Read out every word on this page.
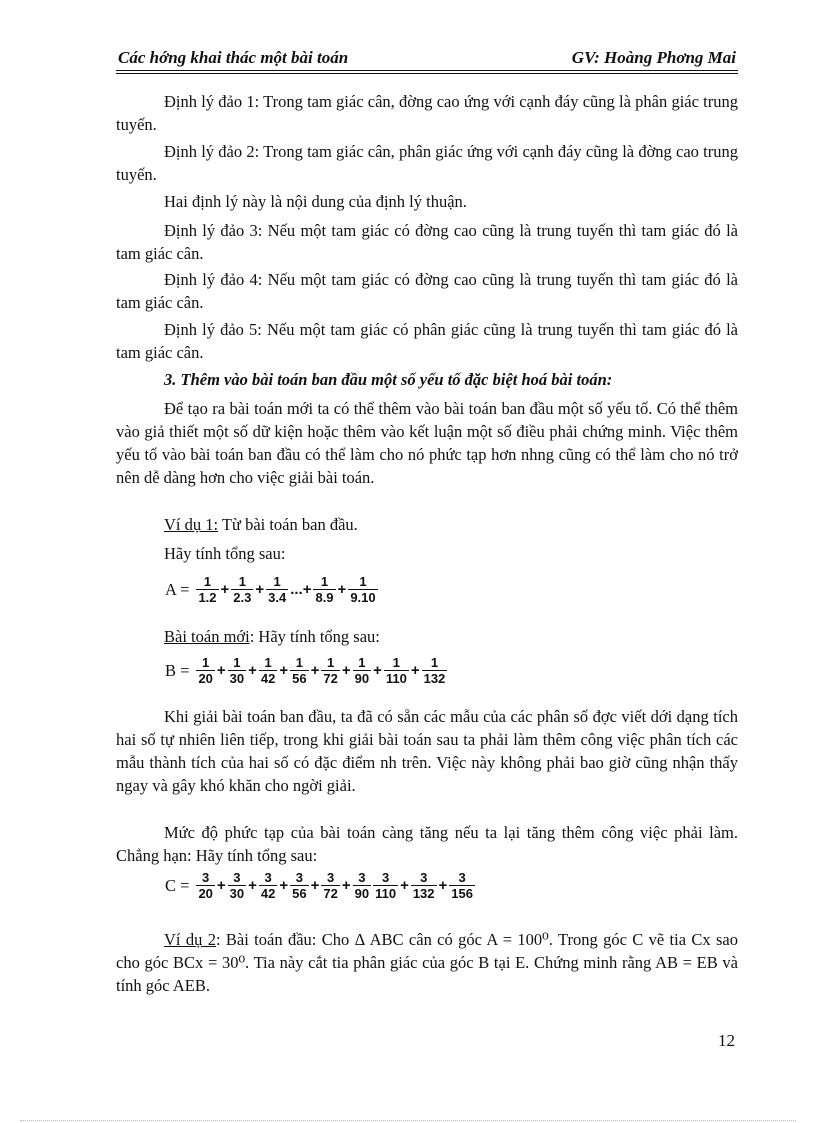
Các hớng khai thác một bài toán	GV: Hoàng Phơng Mai
Định lý đảo 1: Trong tam giác cân, đờng cao ứng với cạnh đáy cũng là phân giác trung tuyến.
Định lý đảo 2: Trong tam giác cân, phân giác ứng với cạnh đáy cũng là đờng cao trung tuyến.
Hai định lý này là nội dung của định lý thuận.
Định lý đảo 3: Nếu một tam giác có đờng cao cũng là trung tuyến thì tam giác đó là tam giác cân.
Định lý đảo 4: Nếu một tam giác có đờng cao cũng là trung tuyến thì tam giác đó là tam giác cân.
Định lý đảo 5: Nếu một tam giác có phân giác cũng là trung tuyến thì tam giác đó là tam giác cân.
3. Thêm vào bài toán ban đầu một số yếu tố đặc biệt hoá bài toán:
Để tạo ra bài toán mới ta có thể thêm vào bài toán ban đầu một số yếu tố. Có thể thêm vào giả thiết một số dữ kiện hoặc thêm vào kết luận một số điều phải chứng minh. Việc thêm yếu tố vào bài toán ban đầu có thể làm cho nó phức tạp hơn nhng cũng có thể làm cho nó trở nên dễ dàng hơn cho việc giải bài toán.
Ví dụ 1: Từ bài toán ban đầu.
Hãy tính tổng sau:
$A = \frac{1}{1.2} + \frac{1}{2.3} + \frac{1}{3.4}$ ...+ $\frac{1}{8.9} + \frac{1}{9.10}$
Bài toán mới: Hãy tính tổng sau:
$B = \frac{1}{20} + \frac{1}{30} + \frac{1}{42} + \frac{1}{56} + \frac{1}{72} + \frac{1}{90} + \frac{1}{110} + \frac{1}{132}$
Khi giải bài toán ban đầu, ta đã có sẵn các mẫu của các phân số đợc viết dới dạng tích hai số tự nhiên liên tiếp, trong khi giải bài toán sau ta phải làm thêm công việc phân tích các mẫu thành tích của hai số có đặc điểm nh trên. Việc này không phải bao giờ cũng nhận thấy ngay và gây khó khăn cho ngời giải.
Mức độ phức tạp của bài toán càng tăng nếu ta lại tăng thêm công việc phải làm. Chẳng hạn: Hãy tính tổng sau:
$C = \frac{3}{20} + \frac{3}{30} + \frac{3}{42} + \frac{3}{56} + \frac{3}{72} + \frac{3}{90} \frac{3}{110} + \frac{3}{132} + \frac{3}{156}$
Ví dụ 2: Bài toán đầu: Cho Δ ABC cân có góc A = 100⁰. Trong góc C vẽ tia Cx sao cho góc BCx = 30⁰. Tia này cắt tia phân giác của góc B tại E. Chứng minh rằng AB = EB và tính góc AEB.
12
